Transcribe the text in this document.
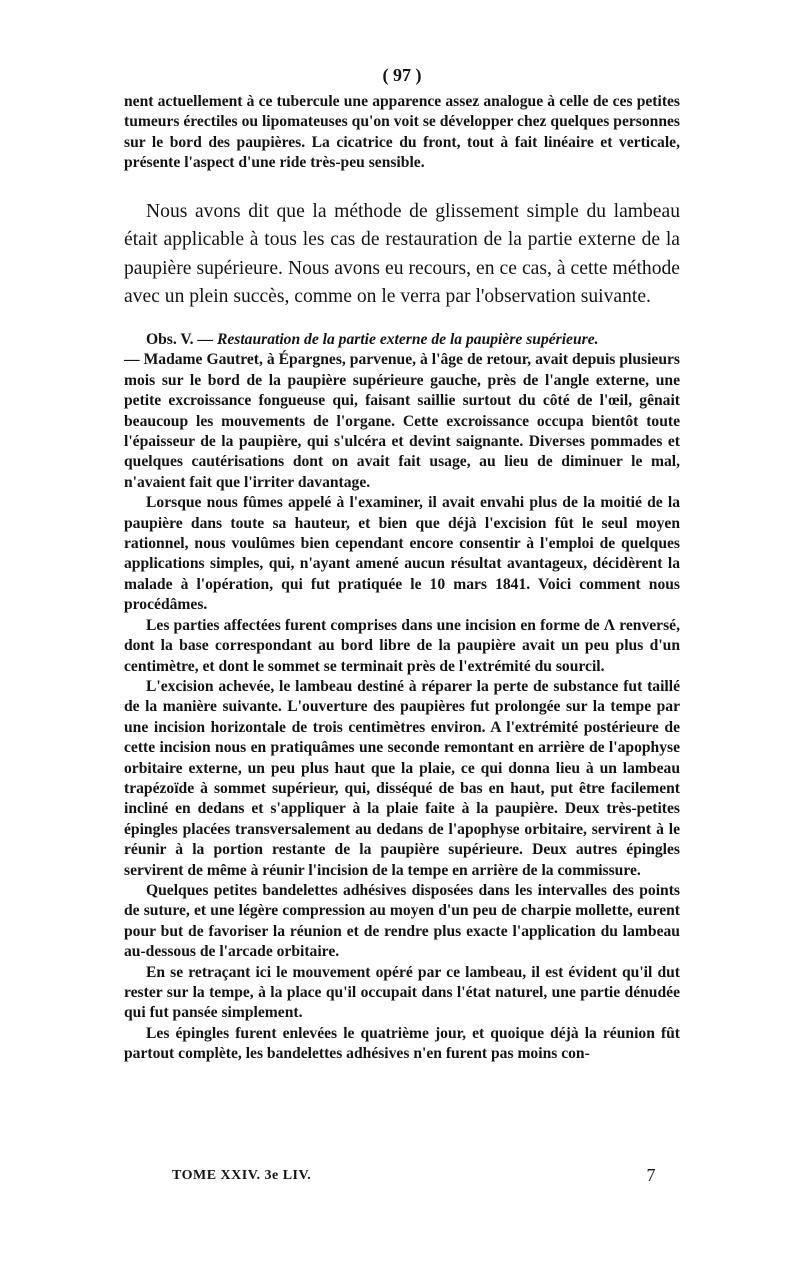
( 97 )

nent actuellement à ce tubercule une apparence assez analogue à celle de ces petites tumeurs érectiles ou lipomateuses qu'on voit se développer chez quelques personnes sur le bord des paupières. La cicatrice du front, tout à fait linéaire et verticale, présente l'aspect d'une ride très-peu sensible.

Nous avons dit que la méthode de glissement simple du lambeau était applicable à tous les cas de restauration de la partie externe de la paupière supérieure. Nous avons eu recours, en ce cas, à cette méthode avec un plein succès, comme on le verra par l'observation suivante.

Obs. V. — Restauration de la partie externe de la paupière supérieure.

— Madame Gautret, à Épargnes, parvenue, à l'âge de retour, avait depuis plusieurs mois sur le bord de la paupière supérieure gauche, près de l'angle externe, une petite excroissance fongueuse qui, faisant saillie surtout du côté de l'œil, gênait beaucoup les mouvements de l'organe. Cette excroissance occupa bientôt toute l'épaisseur de la paupière, qui s'ulcéra et devint saignante. Diverses pommades et quelques cautérisations dont on avait fait usage, au lieu de diminuer le mal, n'avaient fait que l'irriter davantage.

Lorsque nous fûmes appelé à l'examiner, il avait envahi plus de la moitié de la paupière dans toute sa hauteur, et bien que déjà l'excision fût le seul moyen rationnel, nous voulûmes bien cependant encore consentir à l'emploi de quelques applications simples, qui, n'ayant amené aucun résultat avantageux, décidèrent la malade à l'opération, qui fut pratiquée le 10 mars 1841. Voici comment nous procédâmes.

Les parties affectées furent comprises dans une incision en forme de Λ renversé, dont la base correspondant au bord libre de la paupière avait un peu plus d'un centimètre, et dont le sommet se terminait près de l'extrémité du sourcil.

L'excision achevée, le lambeau destiné à réparer la perte de substance fut taillé de la manière suivante. L'ouverture des paupières fut prolongée sur la tempe par une incision horizontale de trois centimètres environ. A l'extrémité postérieure de cette incision nous en pratiquâmes une seconde remontant en arrière de l'apophyse orbitaire externe, un peu plus haut que la plaie, ce qui donna lieu à un lambeau trapézoïde à sommet supérieur, qui, disséqué de bas en haut, put être facilement incliné en dedans et s'appliquer à la plaie faite à la paupière. Deux très-petites épingles placées transversalement au dedans de l'apophyse orbitaire, servirent à le réunir à la portion restante de la paupière supérieure. Deux autres épingles servirent de même à réunir l'incision de la tempe en arrière de la commissure.

Quelques petites bandelettes adhésives disposées dans les intervalles des points de suture, et une légère compression au moyen d'un peu de charpie mollette, eurent pour but de favoriser la réunion et de rendre plus exacte l'application du lambeau au-dessous de l'arcade orbitaire.

En se retraçant ici le mouvement opéré par ce lambeau, il est évident qu'il dut rester sur la tempe, à la place qu'il occupait dans l'état naturel, une partie dénudée qui fut pansée simplement.

Les épingles furent enlevées le quatrième jour, et quoique déjà la réunion fût partout complète, les bandelettes adhésives n'en furent pas moins con-

TOME XXIV. 3e LIV.	7
